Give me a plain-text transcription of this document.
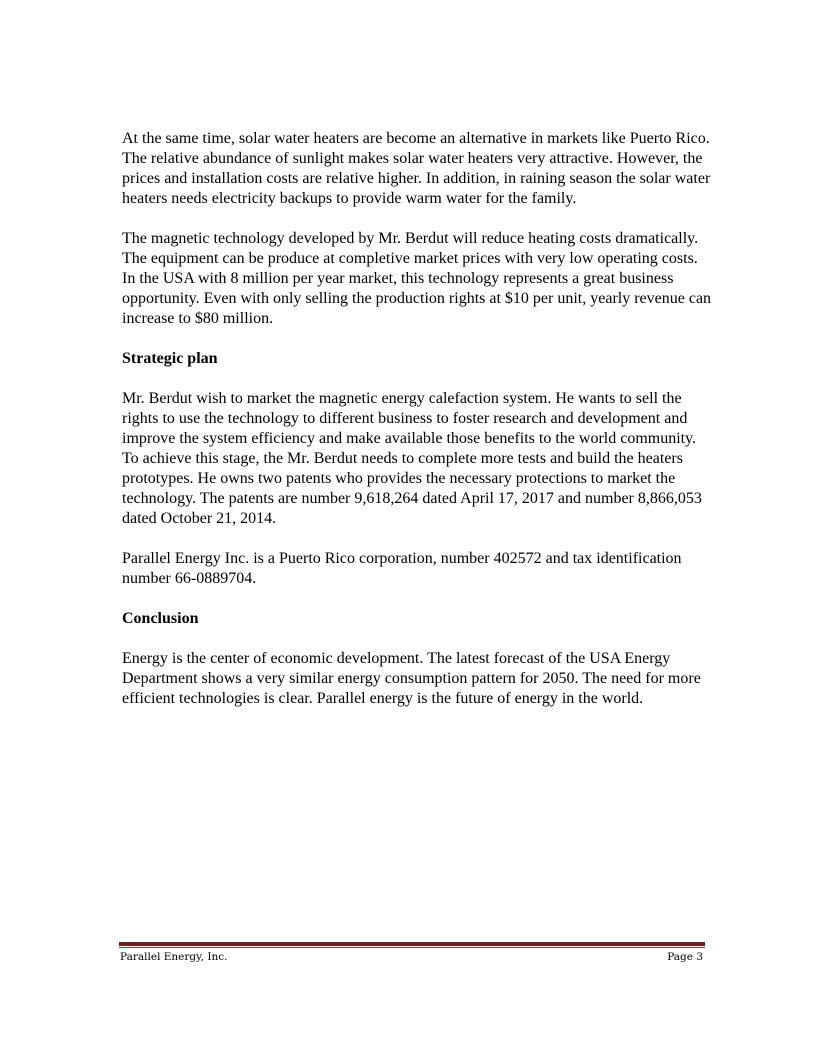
At the same time, solar water heaters are become an alternative in markets like Puerto Rico. The relative abundance of sunlight makes solar water heaters very attractive. However, the prices and installation costs are relative higher. In addition, in raining season the solar water heaters needs electricity backups to provide warm water for the family.

The magnetic technology developed by Mr. Berdut will reduce heating costs dramatically. The equipment can be produce at completive market prices with very low operating costs. In the USA with 8 million per year market, this technology represents a great business opportunity. Even with only selling the production rights at $10 per unit, yearly revenue can increase to $80 million.

Strategic plan

Mr. Berdut wish to market the magnetic energy calefaction system. He wants to sell the rights to use the technology to different business to foster research and development and improve the system efficiency and make available those benefits to the world community. To achieve this stage, the Mr. Berdut needs to complete more tests and build the heaters prototypes. He owns two patents who provides the necessary protections to market the technology. The patents are number 9,618,264 dated April 17, 2017 and number 8,866,053 dated October 21, 2014.

Parallel Energy Inc. is a Puerto Rico corporation, number 402572 and tax identification number 66-0889704.

Conclusion

Energy is the center of economic development. The latest forecast of the USA Energy Department shows a very similar energy consumption pattern for 2050. The need for more efficient technologies is clear. Parallel energy is the future of energy in the world.

Parallel Energy, Inc.	Page 3
